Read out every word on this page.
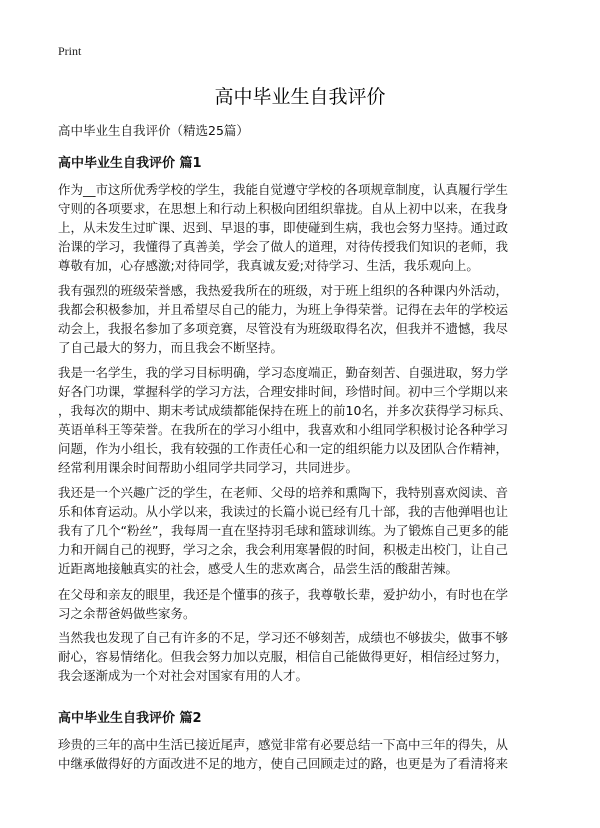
Print
高中毕业生自我评价
高中毕业生自我评价（精选25篇）
高中毕业生自我评价 篇1
作为__市这所优秀学校的学生，我能自觉遵守学校的各项规章制度，认真履行学生
守则的各项要求，在思想上和行动上积极向团组织靠拢。自从上初中以来，在我身
上，从未发生过旷课、迟到、早退的事，即使碰到生病，我也会努力坚持。通过政
治课的学习，我懂得了真善美，学会了做人的道理，对待传授我们知识的老师，我
尊敬有加，心存感激;对待同学，我真诚友爱;对待学习、生活，我乐观向上。
我有强烈的班级荣誉感，我热爱我所在的班级，对于班上组织的各种课内外活动，
我都会积极参加，并且希望尽自己的能力，为班上争得荣誉。记得在去年的学校运
动会上，我报名参加了多项竞赛，尽管没有为班级取得名次，但我并不遗憾，我尽
了自己最大的努力，而且我会不断坚持。
我是一名学生，我的学习目标明确，学习态度端正，勤奋刻苦、自强进取，努力学
好各门功课，掌握科学的学习方法，合理安排时间，珍惜时间。初中三个学期以来
，我每次的期中、期末考试成绩都能保持在班上的前10名，并多次获得学习标兵、
英语单科王等荣誉。在我所在的学习小组中，我喜欢和小组同学积极讨论各种学习
问题，作为小组长，我有较强的工作责任心和一定的组织能力以及团队合作精神，
经常利用课余时间帮助小组同学共同学习，共同进步。
我还是一个兴趣广泛的学生，在老师、父母的培养和熏陶下，我特别喜欢阅读、音
乐和体育运动。从小学以来，我读过的长篇小说已经有几十部，我的吉他弹唱也让
我有了几个“粉丝”，我每周一直在坚持羽毛球和篮球训练。为了锻炼自己更多的能
力和开阔自己的视野，学习之余，我会利用寒暑假的时间，积极走出校门，让自己
近距离地接触真实的社会，感受人生的悲欢离合，品尝生活的酸甜苦辣。
在父母和亲友的眼里，我还是个懂事的孩子，我尊敬长辈，爱护幼小，有时也在学
习之余帮爸妈做些家务。
当然我也发现了自己有许多的不足，学习还不够刻苦，成绩也不够拔尖，做事不够
耐心，容易情绪化。但我会努力加以克服，相信自己能做得更好，相信经过努力，
我会逐渐成为一个对社会对国家有用的人才。
高中毕业生自我评价 篇2
珍贵的三年的高中生活已接近尾声，感觉非常有必要总结一下高中三年的得失，从
中继承做得好的方面改进不足的地方，使自己回顾走过的路，也更是为了看清将来
